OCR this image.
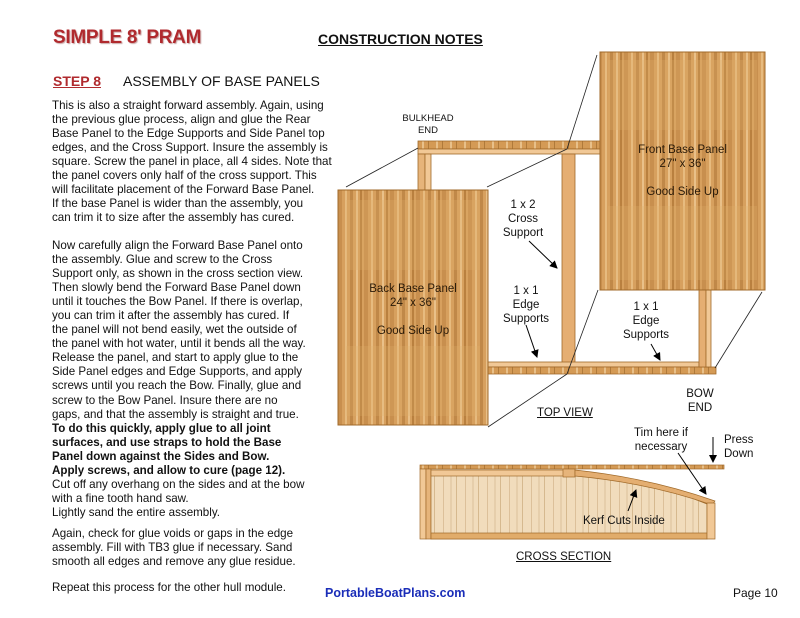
SIMPLE 8' PRAM	CONSTRUCTION NOTES
STEP 8 ASSEMBLY OF BASE PANELS
This is also a straight forward assembly. Again, using
the previous glue process, align and glue the Rear
Base Panel to the Edge Supports and Side Panel top
edges, and the Cross Support. Insure the assembly is
square. Screw the panel in place, all 4 sides. Note that
the panel covers only half of the cross support. This
will facilitate placement of the Forward Base Panel.
If the base Panel is wider than the assembly, you
can trim it to size after the assembly has cured.
Now carefully align the Forward Base Panel onto
the assembly. Glue and screw to the Cross
Support only, as shown in the cross section view.
Then slowly bend the Forward Base Panel down
until it touches the Bow Panel. If there is overlap,
you can trim it after the assembly has cured. If
the panel will not bend easily, wet the outside of
the panel with hot water, until it bends all the way.
Release the panel, and start to apply glue to the
Side Panel edges and Edge Supports, and apply
screws until you reach the Bow. Finally, glue and
screw to the Bow Panel. Insure there are no
gaps, and that the assembly is straight and true.
To do this quickly, apply glue to all joint
surfaces, and use straps to hold the Base
Panel down against the Sides and Bow.
Apply screws, and allow to cure (page 12).
Cut off any overhang on the sides and at the bow
with a fine tooth hand saw.
Lightly sand the entire assembly.
Again, check for glue voids or gaps in the edge
assembly. Fill with TB3 glue if necessary. Sand
smooth all edges and remove any glue residue.
Repeat this process for the other hull module.
BULKHEAD
END
1 x 2
Cross
Support
1 x 1
Edge
Supports
1 x 1
Edge
Supports
Back Base Panel
24" x 36"
Good Side Up
Front Base Panel
27" x 36"
Good Side Up
BOW
END
TOP VIEW
Tim here if
necessary
Press
Down
Kerf Cuts Inside
CROSS SECTION
PortableBoatPlans.com	Page 10
